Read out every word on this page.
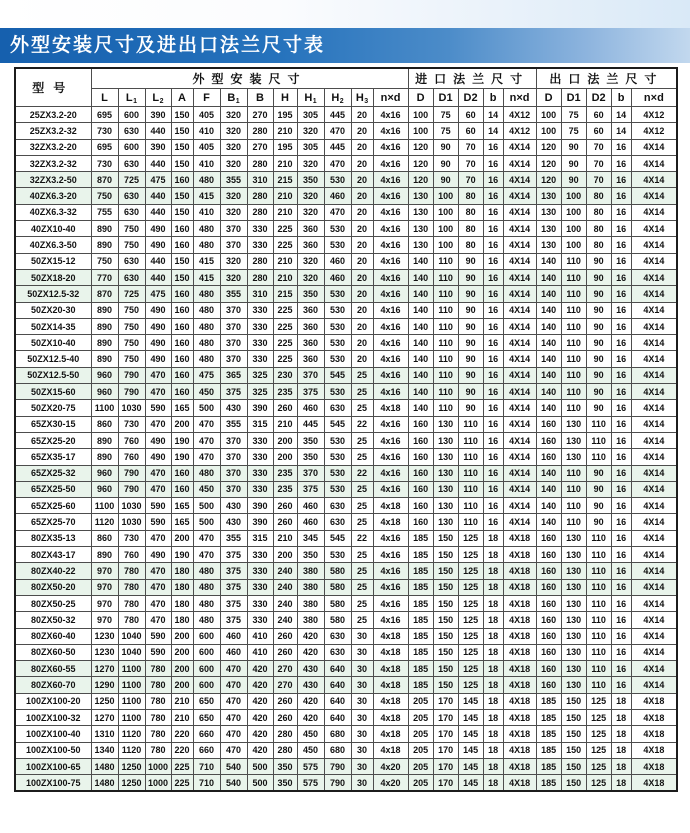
外型安装尺寸及进出口法兰尺寸表
型号	外型安装尺寸												进口法兰尺寸					出口法兰尺寸				
	L	L1	L2	A	F	B1	B	H	H1	H2	H3	n×d	D	D1	D2	b	n×d	D	D1	D2	b	n×d
25ZX3.2-20	695	600	390	150	405	320	270	195	305	445	20	4x16	100	75	60	14	4X12	100	75	60	14	4X12
25ZX3.2-32	730	630	440	150	410	320	280	210	320	470	20	4x16	100	75	60	14	4X12	100	75	60	14	4X12
32ZX3.2-20	695	600	390	150	405	320	270	195	305	445	20	4x16	120	90	70	16	4X14	120	90	70	16	4X14
32ZX3.2-32	730	630	440	150	410	320	280	210	320	470	20	4x16	120	90	70	16	4X14	120	90	70	16	4X14
32ZX3.2-50	870	725	475	160	480	355	310	215	350	530	20	4x16	120	90	70	16	4X14	120	90	70	16	4X14
40ZX6.3-20	750	630	440	150	415	320	280	210	320	460	20	4x16	130	100	80	16	4X14	130	100	80	16	4X14
40ZX6.3-32	755	630	440	150	410	320	280	210	320	470	20	4x16	130	100	80	16	4X14	130	100	80	16	4X14
40ZX10-40	890	750	490	160	480	370	330	225	360	530	20	4x16	130	100	80	16	4X14	130	100	80	16	4X14
40ZX6.3-50	890	750	490	160	480	370	330	225	360	530	20	4x16	130	100	80	16	4X14	130	100	80	16	4X14
50ZX15-12	750	630	440	150	415	320	280	210	320	460	20	4x16	140	110	90	16	4X14	140	110	90	16	4X14
50ZX18-20	770	630	440	150	415	320	280	210	320	460	20	4x16	140	110	90	16	4X14	140	110	90	16	4X14
50ZX12.5-32	870	725	475	160	480	355	310	215	350	530	20	4x16	140	110	90	16	4X14	140	110	90	16	4X14
50ZX20-30	890	750	490	160	480	370	330	225	360	530	20	4x16	140	110	90	16	4X14	140	110	90	16	4X14
50ZX14-35	890	750	490	160	480	370	330	225	360	530	20	4x16	140	110	90	16	4X14	140	110	90	16	4X14
50ZX10-40	890	750	490	160	480	370	330	225	360	530	20	4x16	140	110	90	16	4X14	140	110	90	16	4X14
50ZX12.5-40	890	750	490	160	480	370	330	225	360	530	20	4x16	140	110	90	16	4X14	140	110	90	16	4X14
50ZX12.5-50	960	790	470	160	475	365	325	230	370	545	25	4x16	140	110	90	16	4X14	140	110	90	16	4X14
50ZX15-60	960	790	470	160	450	375	325	235	375	530	25	4x16	140	110	90	16	4X14	140	110	90	16	4X14
50ZX20-75	1100	1030	590	165	500	430	390	260	460	630	25	4x18	140	110	90	16	4X14	140	110	90	16	4X14
65ZX30-15	860	730	470	200	470	355	315	210	445	545	22	4x16	160	130	110	16	4X14	160	130	110	16	4X14
65ZX25-20	890	760	490	190	470	370	330	200	350	530	25	4x16	160	130	110	16	4X14	160	130	110	16	4X14
65ZX35-17	890	760	490	190	470	370	330	200	350	530	25	4x16	160	130	110	16	4X14	160	130	110	16	4X14
65ZX25-32	960	790	470	160	480	370	330	235	370	530	22	4x16	160	130	110	16	4X14	140	110	90	16	4X14
65ZX25-50	960	790	470	160	450	370	330	235	375	530	25	4x16	160	130	110	16	4X14	140	110	90	16	4X14
65ZX25-60	1100	1030	590	165	500	430	390	260	460	630	25	4x18	160	130	110	16	4X14	140	110	90	16	4X14
65ZX25-70	1120	1030	590	165	500	430	390	260	460	630	25	4x18	160	130	110	16	4X14	140	110	90	16	4X14
80ZX35-13	860	730	470	200	470	355	315	210	345	545	22	4x16	185	150	125	18	4X18	160	130	110	16	4X14
80ZX43-17	890	760	490	190	470	375	330	200	350	530	25	4x16	185	150	125	18	4X18	160	130	110	16	4X14
80ZX40-22	970	780	470	180	480	375	330	240	380	580	25	4x16	185	150	125	18	4X18	160	130	110	16	4X14
80ZX50-20	970	780	470	180	480	375	330	240	380	580	25	4x16	185	150	125	18	4X18	160	130	110	16	4X14
80ZX50-25	970	780	470	180	480	375	330	240	380	580	25	4x16	185	150	125	18	4X18	160	130	110	16	4X14
80ZX50-32	970	780	470	180	480	375	330	240	380	580	25	4x16	185	150	125	18	4X18	160	130	110	16	4X14
80ZX60-40	1230	1040	590	200	600	460	410	260	420	630	30	4x18	185	150	125	18	4X18	160	130	110	16	4X14
80ZX60-50	1230	1040	590	200	600	460	410	260	420	630	30	4x18	185	150	125	18	4X18	160	130	110	16	4X14
80ZX60-55	1270	1100	780	200	600	470	420	270	430	640	30	4x18	185	150	125	18	4X18	160	130	110	16	4X14
80ZX60-70	1290	1100	780	200	600	470	420	270	430	640	30	4x18	185	150	125	18	4X18	160	130	110	16	4X14
100ZX100-20	1250	1100	780	210	650	470	420	260	420	640	30	4x18	205	170	145	18	4X18	185	150	125	18	4X18
100ZX100-32	1270	1100	780	210	650	470	420	260	420	640	30	4x18	205	170	145	18	4X18	185	150	125	18	4X18
100ZX100-40	1310	1120	780	220	660	470	420	280	450	680	30	4x18	205	170	145	18	4X18	185	150	125	18	4X18
100ZX100-50	1340	1120	780	220	660	470	420	280	450	680	30	4x18	205	170	145	18	4X18	185	150	125	18	4X18
100ZX100-65	1480	1250	1000	225	710	540	500	350	575	790	30	4x20	205	170	145	18	4X18	185	150	125	18	4X18
100ZX100-75	1480	1250	1000	225	710	540	500	350	575	790	30	4x20	205	170	145	18	4X18	185	150	125	18	4X18
